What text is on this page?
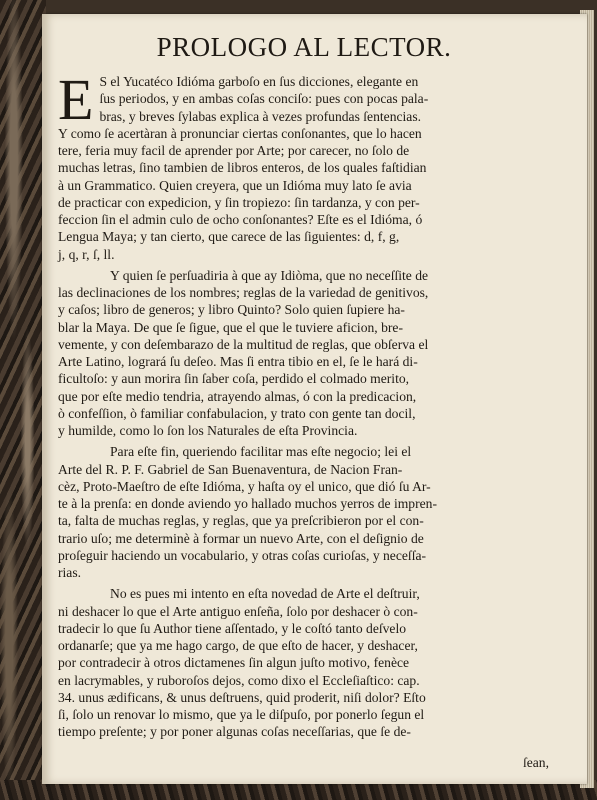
PROLOGO AL LECTOR.
E S el Yucatéco Idióma garboſo en ſus dicciones, elegante en
ſus periodos, y en ambas coſas conciſo: pues con pocas pala-
bras, y breves ſylabas explica à vezes profundas ſentencias.
Y como ſe acertàran à pronunciar ciertas conſonantes, que lo hacen
tere, feria muy facil de aprender por Arte; por carecer, no ſolo de
muchas letras, ſino tambien de libros enteros, de los quales faſtidian
à un Grammatico. Quien creyera, que un Idióma muy lato ſe avia
de practicar con expedicion, y ſin tropiezo: ſin tardanza, y con per-
feccion ſin el admin culo de ocho conſonantes? Eſte es el Idióma, ó
Lengua Maya; y tan cierto, que carece de las ſiguientes: d, f, g,
j, q, r, ſ, ll.
Y quien ſe perſuadiria à que ay Idiòma, que no neceſſite de
las declinaciones de los nombres; reglas de la variedad de genitivos,
y caſos; libro de generos; y libro Quinto? Solo quien ſupiere ha-
blar la Maya. De que ſe ſigue, que el que le tuviere aficion, bre-
vemente, y con deſembarazo de la multitud de reglas, que obſerva el
Arte Latino, logrará ſu deſeo. Mas ſi entra tibio en el, ſe le hará di-
ficultoſo: y aun morira ſin ſaber coſa, perdido el colmado merito,
que por eſte medio tendria, atrayendo almas, ó con la predicacion,
ò confeſſion, ò familiar confabulacion, y trato con gente tan docil,
y humilde, como lo ſon los Naturales de eſta Provincia.
Para eſte fin, queriendo facilitar mas eſte negocio; lei el
Arte del R. P. F. Gabriel de San Buenaventura, de Nacion Fran-
cèz, Proto-Maeſtro de eſte Idióma, y haſta oy el unico, que dió ſu Ar-
te à la prenſa: en donde aviendo yo hallado muchos yerros de impren-
ta, falta de muchas reglas, y reglas, que ya preſcribieron por el con-
trario uſo; me determinè à formar un nuevo Arte, con el deſignio de
proſeguir haciendo un vocabulario, y otras coſas curioſas, y neceſſa-
rias.
No es pues mi intento en eſta novedad de Arte el deſtruir,
ni deshacer lo que el Arte antiguo enſeña, ſolo por deshacer ò con-
tradecir lo que ſu Author tiene aſſentado, y le coſtó tanto deſvelo
ordanarſe; que ya me hago cargo, de que eſto de hacer, y deshacer,
por contradecir à otros dictamenes ſin algun juſto motivo, fenèce
en lacrymables, y ruboroſos dejos, como dixo el Eccleſiaſtico: cap.
34. unus ædificans, & unus deſtruens, quid proderit, niſi dolor? Eſto
ſi, ſolo un renovar lo mismo, que ya le diſpuſo, por ponerlo ſegun el
tiempo preſente; y por poner algunas coſas neceſſarias, que ſe de-
ſean,
